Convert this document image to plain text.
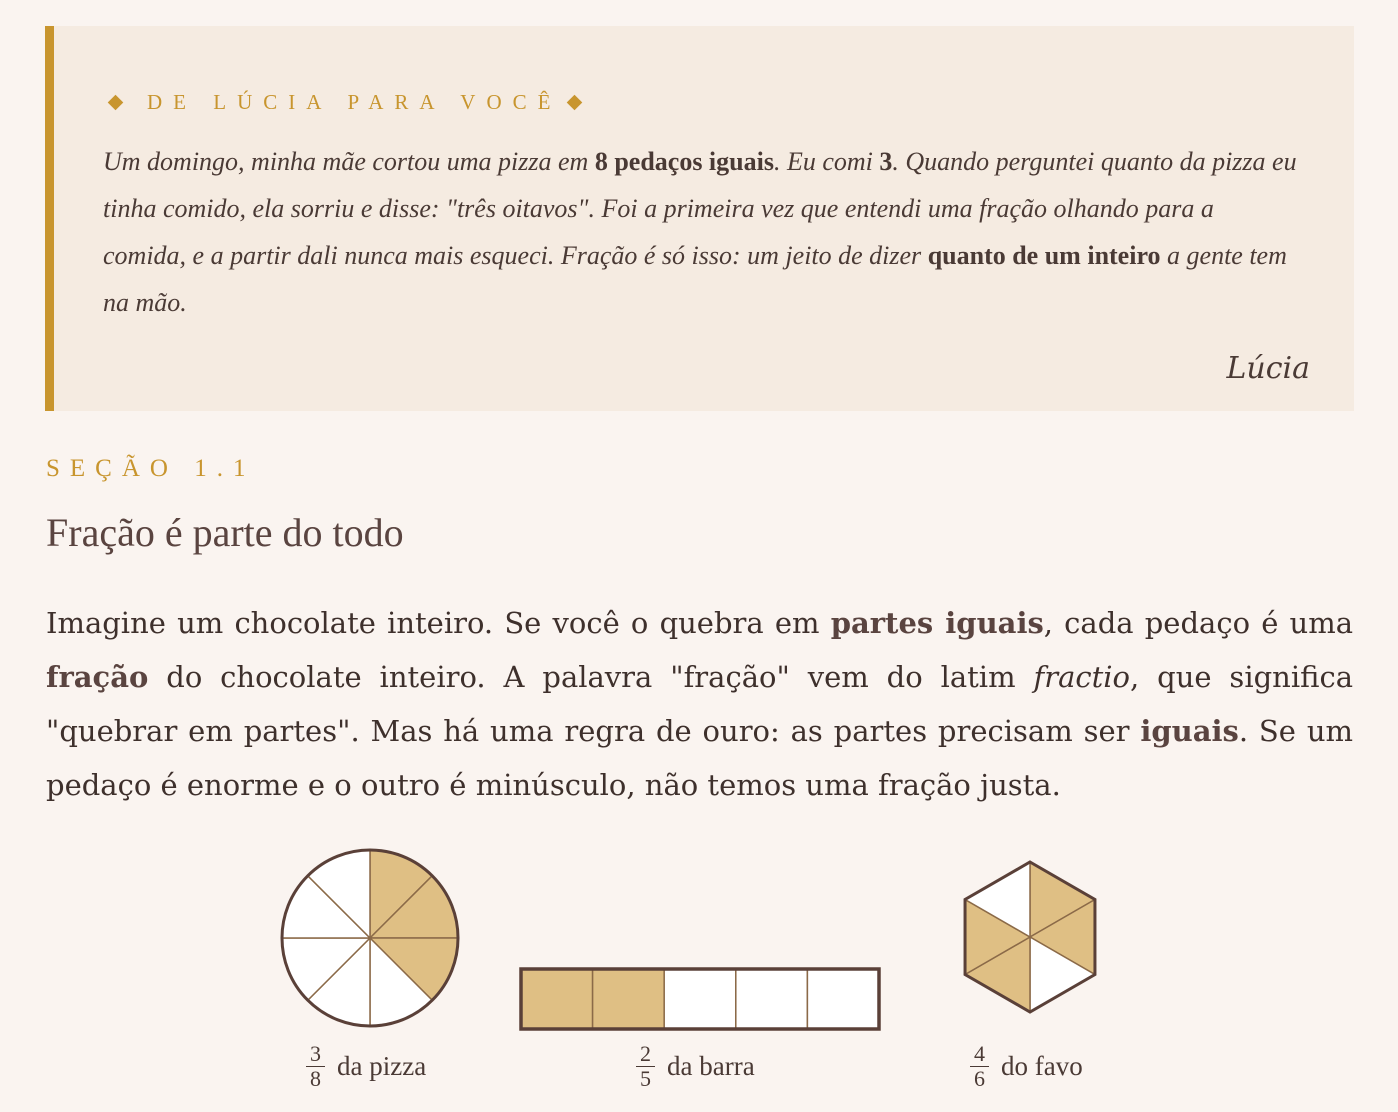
DE LÚCIA PARA VOCÊ
Um domingo, minha mãe cortou uma pizza em 8 pedaços iguais. Eu comi 3. Quando perguntei quanto da pizza eu tinha comido, ela sorriu e disse: "três oitavos". Foi a primeira vez que entendi uma fração olhando para a comida, e a partir dali nunca mais esqueci. Fração é só isso: um jeito de dizer quanto de um inteiro a gente tem na mão.
Lúcia
SEÇÃO 1.1
Fração é parte do todo
Imagine um chocolate inteiro. Se você o quebra em partes iguais, cada pedaço é uma fração do chocolate inteiro. A palavra "fração" vem do latim fractio, que significa "quebrar em partes". Mas há uma regra de ouro: as partes precisam ser iguais. Se um pedaço é enorme e o outro é minúsculo, não temos uma fração justa.
$\frac{3}{8}$ da pizza	$\frac{2}{5}$ da barra	$\frac{4}{6}$ do favo
